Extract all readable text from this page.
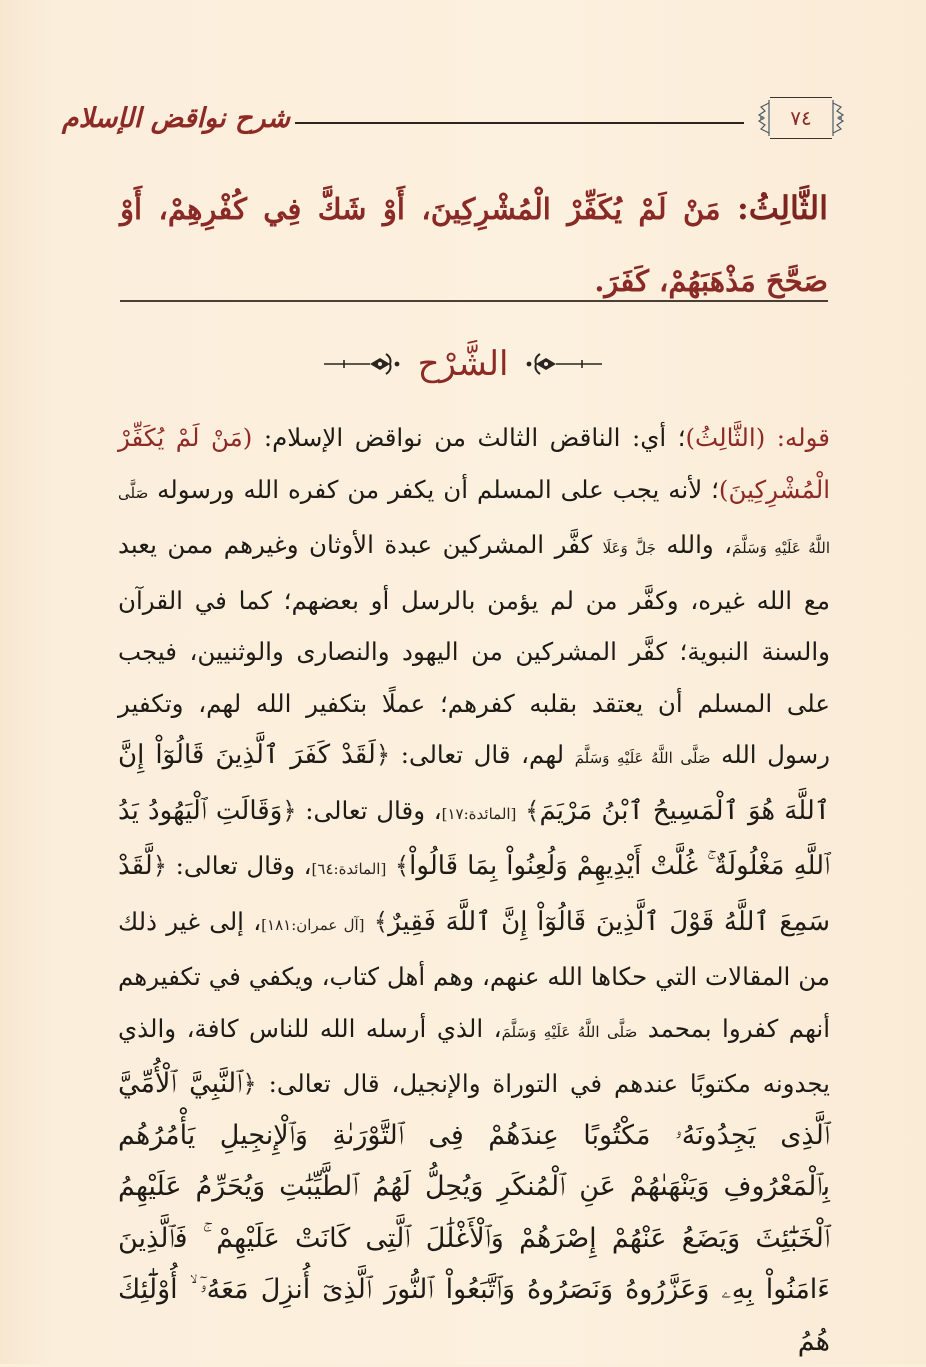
شرح نواقض الإسلام	٧٤
الثَّالِثُ: مَنْ لَمْ يُكَفِّرْ الْمُشْرِكِينَ، أَوْ شَكَّ فِي كُفْرِهِمْ، أَوْ صَحَّحَ مَذْهَبَهُمْ، كَفَرَ.
الشَّرْح

قوله: (الثَّالِثُ)؛ أي: الناقض الثالث من نواقض الإسلام: (مَنْ لَمْ يُكَفِّرْ الْمُشْرِكِينَ)؛ لأنه يجب على المسلم أن يكفر من كفره الله ورسوله صَلَّى اللَّهُ عَلَيْهِ وَسَلَّمَ، والله جَلَّ وَعَلَا كفَّر المشركين عبدة الأوثان وغيرهم ممن يعبد مع الله غيره، وكفَّر من لم يؤمن بالرسل أو بعضهم؛ كما في القرآن والسنة النبوية؛ كفَّر المشركين من اليهود والنصارى والوثنيين، فيجب على المسلم أن يعتقد بقلبه كفرهم؛ عملًا بتكفير الله لهم، وتكفير رسول الله صَلَّى اللَّهُ عَلَيْهِ وَسَلَّمَ لهم، قال تعالى: ﴿لَقَدْ كَفَرَ ٱلَّذِينَ قَالُوٓاْ إِنَّ ٱللَّهَ هُوَ ٱلْمَسِيحُ ٱبْنُ مَرْيَمَ﴾ [المائدة:١٧]، وقال تعالى: ﴿وَقَالَتِ ٱلْيَهُودُ يَدُ ٱللَّهِ مَغْلُولَةٌ ۚ غُلَّتْ أَيْدِيهِمْ وَلُعِنُواْ بِمَا قَالُواْ﴾ [المائدة:٦٤]، وقال تعالى: ﴿لَّقَدْ سَمِعَ ٱللَّهُ قَوْلَ ٱلَّذِينَ قَالُوٓاْ إِنَّ ٱللَّهَ فَقِيرٌ﴾ [آل عمران:١٨١]، إلى غير ذلك من المقالات التي حكاها الله عنهم، وهم أهل كتاب، ويكفي في تكفيرهم أنهم كفروا بمحمد صَلَّى اللَّهُ عَلَيْهِ وَسَلَّمَ، الذي أرسله الله للناس كافة، والذي يجدونه مكتوبًا عندهم في التوراة والإنجيل، قال تعالى: ﴿ٱلنَّبِيَّ ٱلْأُمِّيَّ ٱلَّذِى يَجِدُونَهُۥ مَكْتُوبًا عِندَهُمْ فِى ٱلتَّوْرَىٰةِ وَٱلْإِنجِيلِ يَأْمُرُهُم بِٱلْمَعْرُوفِ وَيَنْهَىٰهُمْ عَنِ ٱلْمُنكَرِ وَيُحِلُّ لَهُمُ ٱلطَّيِّبَٰتِ وَيُحَرِّمُ عَلَيْهِمُ ٱلْخَبَٰٓئِثَ وَيَضَعُ عَنْهُمْ إِصْرَهُمْ وَٱلْأَغْلَٰلَ ٱلَّتِى كَانَتْ عَلَيْهِمْ ۚ فَٱلَّذِينَ ءَامَنُواْ بِهِۦ وَعَزَّرُوهُ وَنَصَرُوهُ وَٱتَّبَعُواْ ٱلنُّورَ ٱلَّذِىٓ أُنزِلَ مَعَهُۥٓ ۙ أُوْلَٰٓئِكَ هُمُ
